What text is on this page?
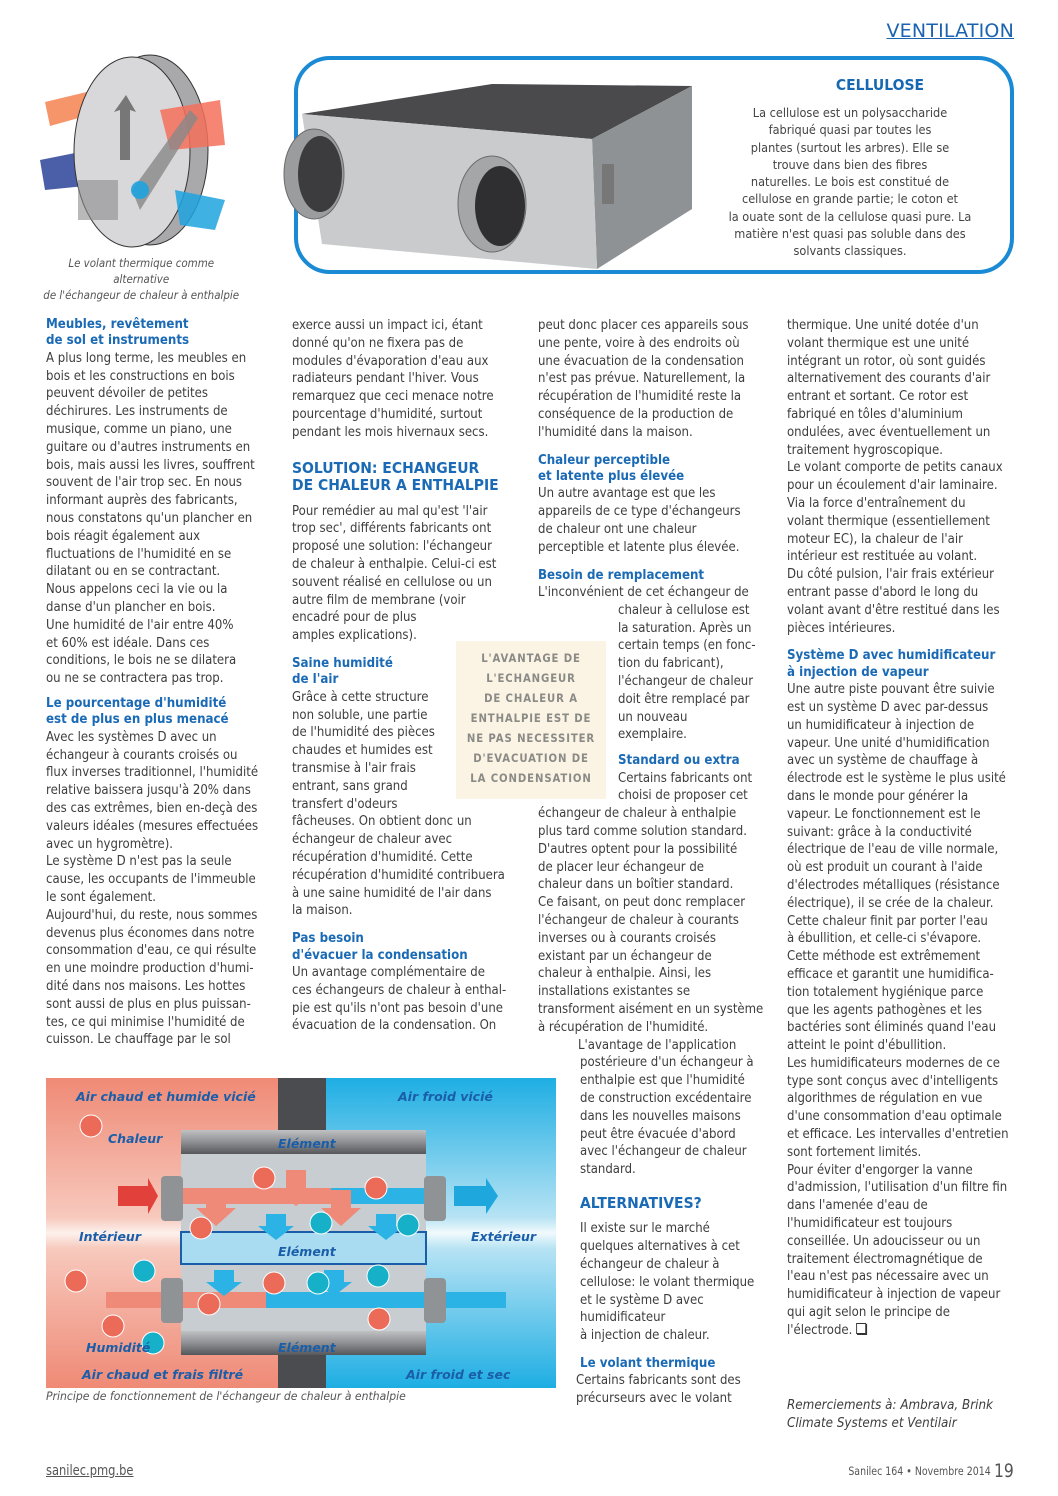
VENTILATION
Le volant thermique comme alternative
de l'échangeur de chaleur à enthalpie
CELLULOSE
La cellulose est un polysaccharide
fabriqué quasi par toutes les
plantes (surtout les arbres). Elle se
trouve dans bien des fibres
naturelles. Le bois est constitué de
cellulose en grande partie; le coton et
la ouate sont de la cellulose quasi pure. La
matière n'est quasi pas soluble dans des
solvants classiques.
Meubles, revêtement
de sol et instruments

A plus long terme, les meubles en
bois et les constructions en bois
peuvent dévoiler de petites
déchirures. Les instruments de
musique, comme un piano, une
guitare ou d'autres instruments en
bois, mais aussi les livres, souffrent
souvent de l'air trop sec. En nous
informant auprès des fabricants,
nous constatons qu'un plancher en
bois réagit également aux
fluctuations de l'humidité en se
dilatant ou en se contractant.
Nous appelons ceci la vie ou la
danse d'un plancher en bois.
Une humidité de l'air entre 40%
et 60% est idéale. Dans ces
conditions, le bois ne se dilatera
ou ne se contractera pas trop.

Le pourcentage d'humidité
est de plus en plus menacé

Avec les systèmes D avec un
échangeur à courants croisés ou
flux inverses traditionnel, l'humidité
relative baissera jusqu'à 20% dans
des cas extrêmes, bien en-deçà des
valeurs idéales (mesures effectuées
avec un hygromètre).
Le système D n'est pas la seule
cause, les occupants de l'immeuble
le sont également.
Aujourd'hui, du reste, nous sommes
devenus plus économes dans notre
consommation d'eau, ce qui résulte
en une moindre production d'humi-
dité dans nos maisons. Les hottes
sont aussi de plus en plus puissan-
tes, ce qui minimise l'humidité de
cuisson. Le chauffage par le sol

exerce aussi un impact ici, étant
donné qu'on ne fixera pas de
modules d'évaporation d'eau aux
radiateurs pendant l'hiver. Vous
remarquez que ceci menace notre
pourcentage d'humidité, surtout
pendant les mois hivernaux secs.

SOLUTION: ECHANGEUR
DE CHALEUR A ENTHALPIE

Pour remédier au mal qu'est 'l'air
trop sec', différents fabricants ont
proposé une solution: l'échangeur
de chaleur à enthalpie. Celui-ci est
souvent réalisé en cellulose ou un
autre film de membrane (voir
encadré pour de plus
amples explications).

Saine humidité
de l'air

Grâce à cette structure
non soluble, une partie
de l'humidité des pièces
chaudes et humides est
transmise à l'air frais
entrant, sans grand
transfert d'odeurs
fâcheuses. On obtient donc un
échangeur de chaleur avec
récupération d'humidité. Cette
récupération d'humidité contribuera
à une saine humidité de l'air dans
la maison.

Pas besoin
d'évacuer la condensation

Un avantage complémentaire de
ces échangeurs de chaleur à enthal-
pie est qu'ils n'ont pas besoin d'une
évacuation de la condensation. On

L'AVANTAGE DE
L'ECHANGEUR
DE CHALEUR A
ENTHALPIE EST DE
NE PAS NECESSITER
D'EVACUATION DE
LA CONDENSATION

peut donc placer ces appareils sous
une pente, voire à des endroits où
une évacuation de la condensation
n'est pas prévue. Naturellement, la
récupération de l'humidité reste la
conséquence de la production de
l'humidité dans la maison.

Chaleur perceptible
et latente plus élevée

Un autre avantage est que les
appareils de ce type d'échangeurs
de chaleur ont une chaleur
perceptible et latente plus élevée.

Besoin de remplacement

L'inconvénient de cet échangeur de

chaleur à cellulose est
la saturation. Après un
certain temps (en fonc-
tion du fabricant),
l'échangeur de chaleur
doit être remplacé par
un nouveau
exemplaire.

Standard ou extra

Certains fabricants ont
choisi de proposer cet

échangeur de chaleur à enthalpie
plus tard comme solution standard.
D'autres optent pour la possibilité
de placer leur échangeur de
chaleur dans un boîtier standard.
Ce faisant, on peut donc remplacer
l'échangeur de chaleur à courants
inverses ou à courants croisés
existant par un échangeur de
chaleur à enthalpie. Ainsi, les
installations existantes se
transforment aisément en un système
à récupération de l'humidité.

L'avantage de l'application

postérieure d'un échangeur à
enthalpie est que l'humidité
de construction excédentaire
dans les nouvelles maisons
peut être évacuée d'abord
avec l'échangeur de chaleur
standard.

ALTERNATIVES?

Il existe sur le marché
quelques alternatives à cet
échangeur de chaleur à
cellulose: le volant thermique
et le système D avec
humidificateur
à injection de chaleur.

Le volant thermique

Certains fabricants sont des
précurseurs avec le volant

thermique. Une unité dotée d'un
volant thermique est une unité
intégrant un rotor, où sont guidés
alternativement des courants d'air
entrant et sortant. Ce rotor est
fabriqué en tôles d'aluminium
ondulées, avec éventuellement un
traitement hygroscopique.
Le volant comporte de petits canaux
pour un écoulement d'air laminaire.
Via la force d'entraînement du
volant thermique (essentiellement
moteur EC), la chaleur de l'air
intérieur est restituée au volant.
Du côté pulsion, l'air frais extérieur
entrant passe d'abord le long du
volant avant d'être restitué dans les
pièces intérieures.

Système D avec humidificateur
à injection de vapeur

Une autre piste pouvant être suivie
est un système D avec par-dessus
un humidificateur à injection de
vapeur. Une unité d'humidification
avec un système de chauffage à
électrode est le système le plus usité
dans le monde pour générer la
vapeur. Le fonctionnement est le
suivant: grâce à la conductivité
électrique de l'eau de ville normale,
où est produit un courant à l'aide
d'électrodes métalliques (résistance
électrique), il se crée de la chaleur.
Cette chaleur finit par porter l'eau
à ébullition, et celle-ci s'évapore.
Cette méthode est extrêmement
efficace et garantit une humidifica-
tion totalement hygiénique parce
que les agents pathogènes et les
bactéries sont éliminés quand l'eau
atteint le point d'ébullition.
Les humidificateurs modernes de ce
type sont conçus avec d'intelligents
algorithmes de régulation en vue
d'une consommation d'eau optimale
et efficace. Les intervalles d'entretien
sont fortement limités.
Pour éviter d'engorger la vanne
d'admission, l'utilisation d'un filtre fin
dans l'amenée d'eau de
l'humidificateur est toujours
conseillée. Un adoucisseur ou un
traitement électromagnétique de
l'eau n'est pas nécessaire avec un
humidificateur à injection de vapeur
qui agit selon le principe de

l'électrode.

Remerciements à: Ambrava, Brink
Climate Systems et Ventilair
Air chaud et humide vicié	Air froid vicié
Chaleur	Elément
Intérieur	Extérieur
Elément
Humidité	Elément
Air chaud et frais filtré	Air froid et sec
Principe de fonctionnement de l'échangeur de chaleur à enthalpie
sanilec.pmg.be	Sanilec 164 • Novembre 2014 19
